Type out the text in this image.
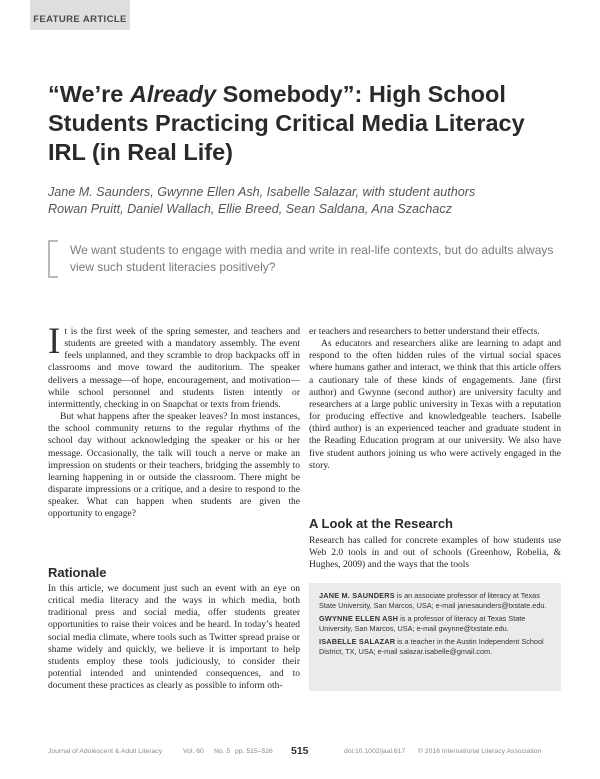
FEATURE ARTICLE
“We’re Already Somebody”: High School Students Practicing Critical Media Literacy IRL (in Real Life)
Jane M. Saunders, Gwynne Ellen Ash, Isabelle Salazar, with student authors
Rowan Pruitt, Daniel Wallach, Ellie Breed, Sean Saldana, Ana Szachacz
We want students to engage with media and write in real-life contexts, but do adults always view such student literacies positively?

It is the first week of the spring semester, and teachers and students are greeted with a mandatory assembly. The event feels unplanned, and they scramble to drop backpacks off in classrooms and move toward the auditorium. The speaker delivers a message—of hope, encouragement, and motivation—while school personnel and students listen intently or intermittently, checking in on Snapchat or texts from friends.

But what happens after the speaker leaves? In most instances, the school community returns to the regular rhythms of the school day without acknowledging the speaker or his or her message. Occasionally, the talk will touch a nerve or make an impression on students or their teachers, bridging the assembly to learning happening in or outside the classroom. There might be disparate impressions or a critique, and a desire to respond to the speaker. What can happen when students are given the opportunity to engage?

Rationale
In this article, we document just such an event with an eye on critical media literacy and the ways in which media, both traditional press and social media, offer students greater opportunities to raise their voices and be heard. In today’s heated social media climate, where tools such as Twitter spread praise or shame widely and quickly, we believe it is important to help students employ these tools judiciously, to consider their potential intended and unintended consequences, and to document these practices as clearly as possible to inform oth-

er teachers and researchers to better understand their effects.

As educators and researchers alike are learning to adapt and respond to the often hidden rules of the virtual social spaces where humans gather and interact, we think that this article offers a cautionary tale of these kinds of engagements. Jane (first author) and Gwynne (second author) are university faculty and researchers at a large public university in Texas with a reputation for producing effective and knowledgeable teachers. Isabelle (third author) is an experienced teacher and graduate student in the Reading Education program at our university. We also have five student authors joining us who were actively engaged in the story.

A Look at the Research
Research has called for concrete examples of how students use Web 2.0 tools in and out of schools (Greenhow, Robelia, & Hughes, 2009) and the ways that the tools

JANE M. SAUNDERS is an associate professor of literacy at Texas State University, San Marcos, USA; e-mail janesaunders@txstate.edu.

GWYNNE ELLEN ASH is a professor of literacy at Texas State University, San Marcos, USA; e-mail gwynne@txstate.edu.

ISABELLE SALAZAR is a teacher in the Austin Independent School District, TX, USA; e-mail salazar.isabelle@gmail.com.

Journal of Adolescent & Adult Literacy	Vol. 60 No. 5 pp. 515–526 515	doi:10.1002/jaal.617 © 2016 International Literacy Association
